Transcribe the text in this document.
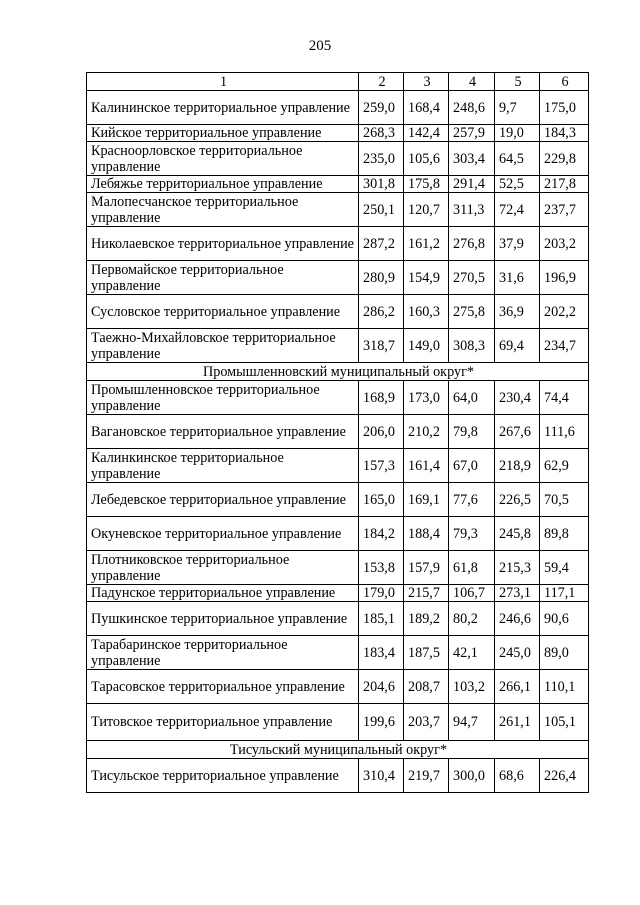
205
1	2	3	4	5	6
Калининское территориальное управление	259,0	168,4	248,6	9,7	175,0
Кийское территориальное управление	268,3	142,4	257,9	19,0	184,3
Красноорловское территориальное управление	235,0	105,6	303,4	64,5	229,8
Лебяжье территориальное управление	301,8	175,8	291,4	52,5	217,8
Малопесчанское территориальное управление	250,1	120,7	311,3	72,4	237,7
Николаевское территориальное управление	287,2	161,2	276,8	37,9	203,2
Первомайское территориальное управление	280,9	154,9	270,5	31,6	196,9
Сусловское территориальное управление	286,2	160,3	275,8	36,9	202,2
Таежно-Михайловское территориальное управление	318,7	149,0	308,3	69,4	234,7
Промышленновский муниципальный округ*					
Промышленновское территориальное управление	168,9	173,0	64,0	230,4	74,4
Вагановское территориальное управление	206,0	210,2	79,8	267,6	111,6
Калинкинское территориальное управление	157,3	161,4	67,0	218,9	62,9
Лебедевское территориальное управление	165,0	169,1	77,6	226,5	70,5
Окуневское территориальное управление	184,2	188,4	79,3	245,8	89,8
Плотниковское территориальное управление	153,8	157,9	61,8	215,3	59,4
Падунское территориальное управление	179,0	215,7	106,7	273,1	117,1
Пушкинское территориальное управление	185,1	189,2	80,2	246,6	90,6
Тарабаринское территориальное управление	183,4	187,5	42,1	245,0	89,0
Тарасовское территориальное управление	204,6	208,7	103,2	266,1	110,1
Титовское территориальное управление	199,6	203,7	94,7	261,1	105,1
Тисульский муниципальный округ*					
Тисульское территориальное управление	310,4	219,7	300,0	68,6	226,4
